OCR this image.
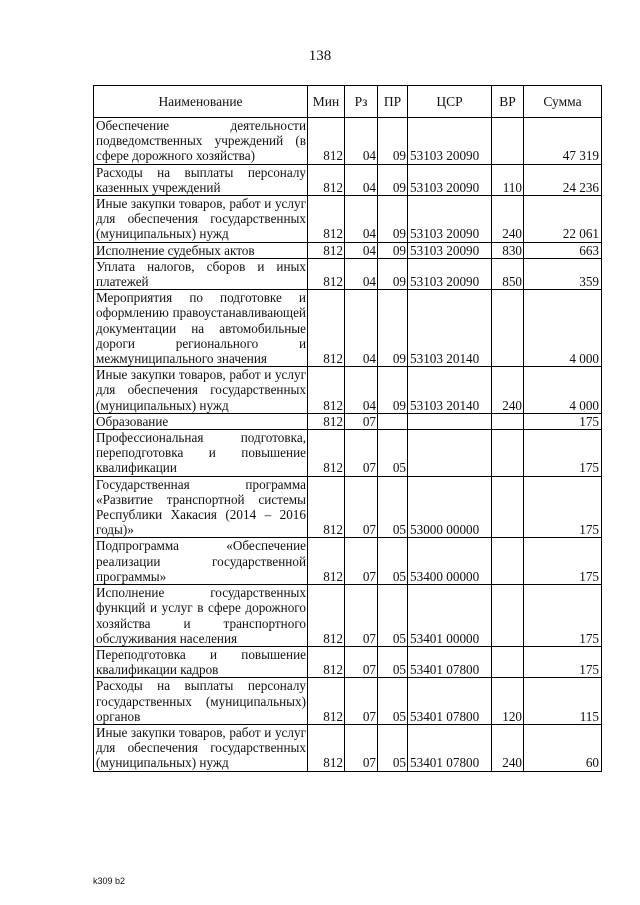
138
Наименование	Мин	Рз	ПР	ЦСР	ВР	Сумма
Обеспечение деятельности подведомственных учреждений (в сфере дорожного хозяйства)	812	04	09	53103 20090		47 319
Расходы на выплаты персоналу казенных учреждений	812	04	09	53103 20090	110	24 236
Иные закупки товаров, работ и услуг для обеспечения государственных (муниципальных) нужд	812	04	09	53103 20090	240	22 061
Исполнение судебных актов	812	04	09	53103 20090	830	663
Уплата налогов, сборов и иных платежей	812	04	09	53103 20090	850	359
Мероприятия по подготовке и оформлению правоустанавливающей документации на автомобильные дороги регионального и межмуниципального значения	812	04	09	53103 20140		4 000
Иные закупки товаров, работ и услуг для обеспечения государственных (муниципальных) нужд	812	04	09	53103 20140	240	4 000
Образование	812	07				175
Профессиональная подготовка, переподготовка и повышение квалификации	812	07	05			175
Государственная программа «Развитие транспортной системы Республики Хакасия (2014 – 2016 годы)»	812	07	05	53000 00000		175
Подпрограмма «Обеспечение реализации государственной программы»	812	07	05	53400 00000		175
Исполнение государственных функций и услуг в сфере дорожного хозяйства и транспортного обслуживания населения	812	07	05	53401 00000		175
Переподготовка и повышение квалификации кадров	812	07	05	53401 07800		175
Расходы на выплаты персоналу государственных (муниципальных) органов	812	07	05	53401 07800	120	115
Иные закупки товаров, работ и услуг для обеспечения государственных (муниципальных) нужд	812	07	05	53401 07800	240	60
k309 b2
